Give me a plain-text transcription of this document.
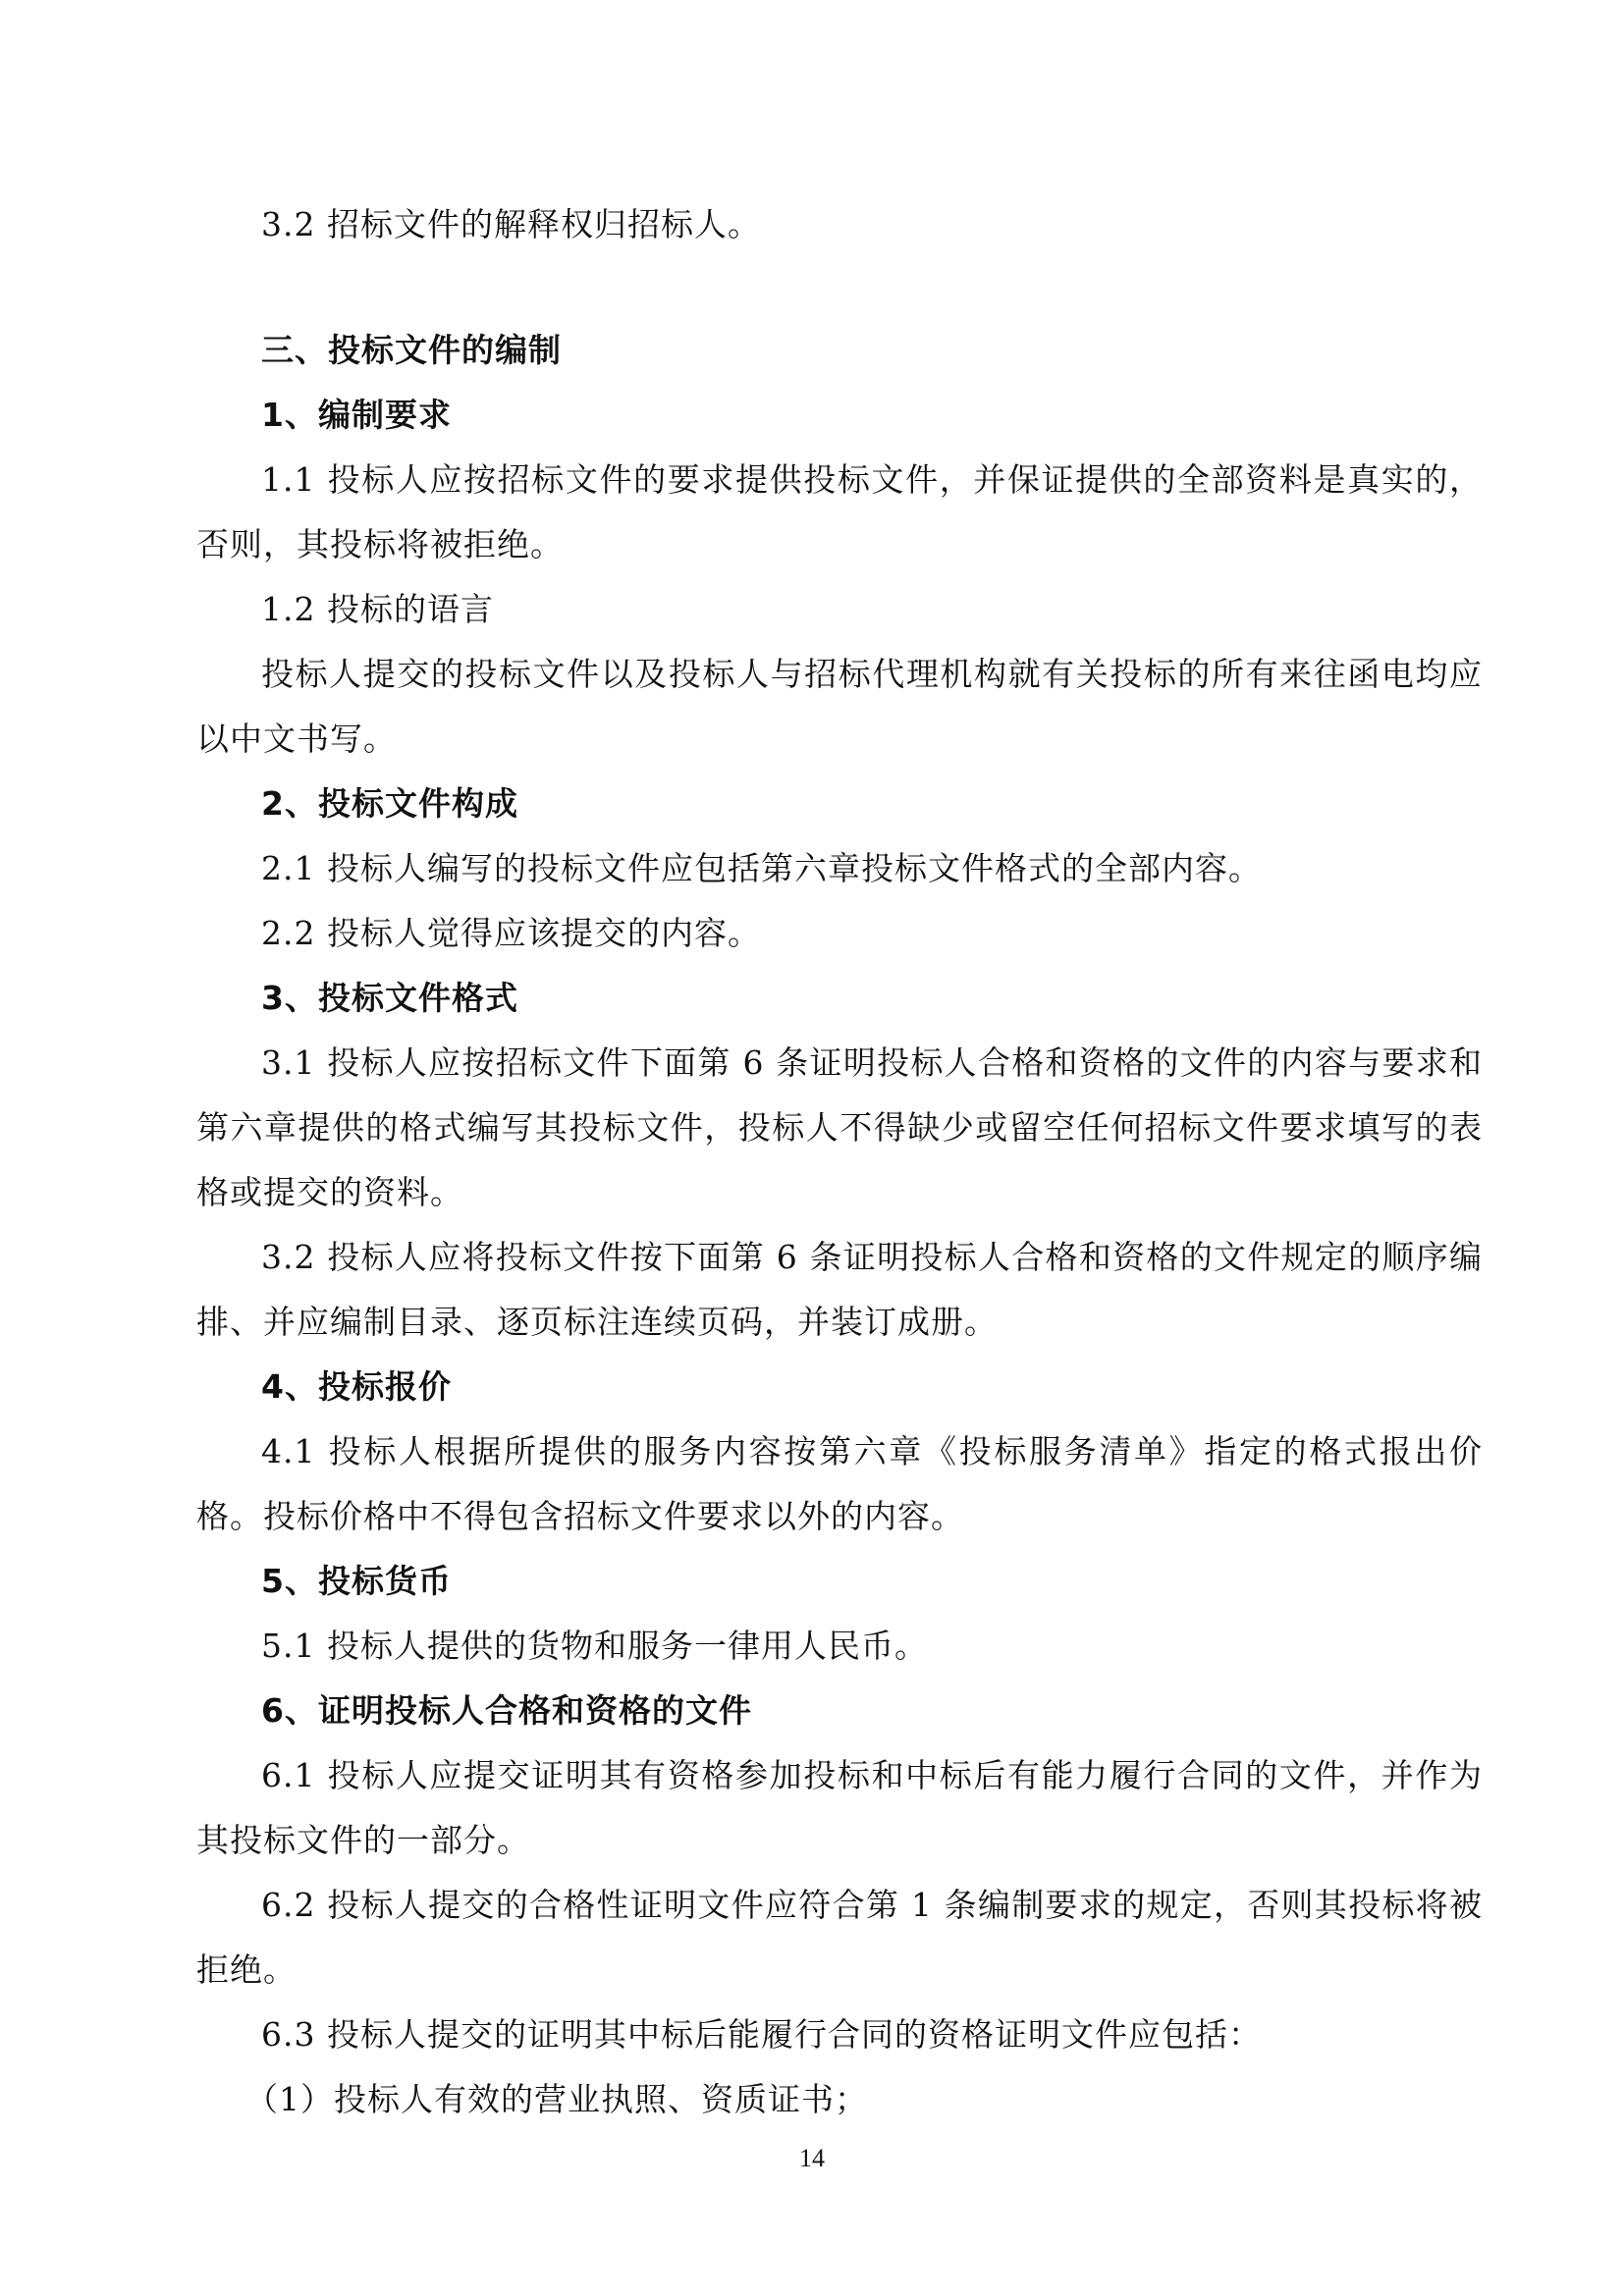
3.2 招标文件的解释权归招标人。

三、投标文件的编制

1、编制要求

1.1 投标人应按招标文件的要求提供投标文件，并保证提供的全部资料是真实的，否则，其投标将被拒绝。

1.2 投标的语言

投标人提交的投标文件以及投标人与招标代理机构就有关投标的所有来往函电均应以中文书写。

2、投标文件构成

2.1 投标人编写的投标文件应包括第六章投标文件格式的全部内容。

2.2 投标人觉得应该提交的内容。

3、投标文件格式

3.1 投标人应按招标文件下面第 6 条证明投标人合格和资格的文件的内容与要求和第六章提供的格式编写其投标文件，投标人不得缺少或留空任何招标文件要求填写的表格或提交的资料。

3.2 投标人应将投标文件按下面第 6 条证明投标人合格和资格的文件规定的顺序编排、并应编制目录、逐页标注连续页码，并装订成册。

4、投标报价

4.1 投标人根据所提供的服务内容按第六章《投标服务清单》指定的格式报出价格。投标价格中不得包含招标文件要求以外的内容。

5、投标货币

5.1 投标人提供的货物和服务一律用人民币。

6、证明投标人合格和资格的文件

6.1 投标人应提交证明其有资格参加投标和中标后有能力履行合同的文件，并作为其投标文件的一部分。

6.2 投标人提交的合格性证明文件应符合第 1 条编制要求的规定，否则其投标将被拒绝。

6.3 投标人提交的证明其中标后能履行合同的资格证明文件应包括：

（1）投标人有效的营业执照、资质证书；

14
